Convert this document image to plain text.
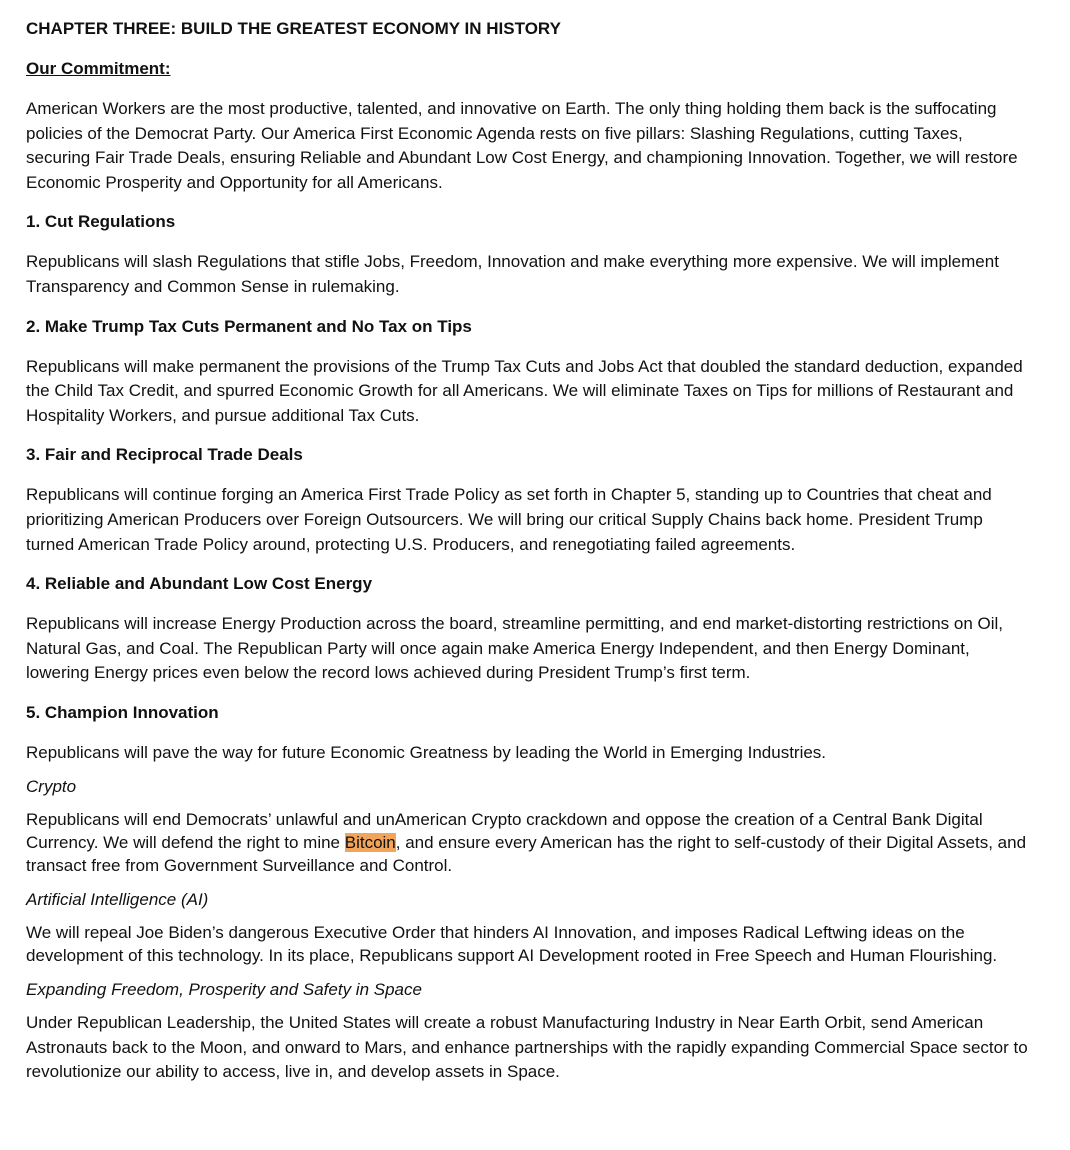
CHAPTER THREE: BUILD THE GREATEST ECONOMY IN HISTORY
Our Commitment:
American Workers are the most productive, talented, and innovative on Earth. The only thing holding them back is the suffocating policies of the Democrat Party. Our America First Economic Agenda rests on five pillars: Slashing Regulations, cutting Taxes, securing Fair Trade Deals, ensuring Reliable and Abundant Low Cost Energy, and championing Innovation. Together, we will restore Economic Prosperity and Opportunity for all Americans.
1. Cut Regulations
Republicans will slash Regulations that stifle Jobs, Freedom, Innovation and make everything more expensive. We will implement Transparency and Common Sense in rulemaking.
2. Make Trump Tax Cuts Permanent and No Tax on Tips
Republicans will make permanent the provisions of the Trump Tax Cuts and Jobs Act that doubled the standard deduction, expanded the Child Tax Credit, and spurred Economic Growth for all Americans. We will eliminate Taxes on Tips for millions of Restaurant and Hospitality Workers, and pursue additional Tax Cuts.
3. Fair and Reciprocal Trade Deals
Republicans will continue forging an America First Trade Policy as set forth in Chapter 5, standing up to Countries that cheat and prioritizing American Producers over Foreign Outsourcers. We will bring our critical Supply Chains back home. President Trump turned American Trade Policy around, protecting U.S. Producers, and renegotiating failed agreements.
4. Reliable and Abundant Low Cost Energy
Republicans will increase Energy Production across the board, streamline permitting, and end market-distorting restrictions on Oil, Natural Gas, and Coal. The Republican Party will once again make America Energy Independent, and then Energy Dominant, lowering Energy prices even below the record lows achieved during President Trump’s first term.
5. Champion Innovation
Republicans will pave the way for future Economic Greatness by leading the World in Emerging Industries.
Crypto
Republicans will end Democrats’ unlawful and unAmerican Crypto crackdown and oppose the creation of a Central Bank Digital Currency. We will defend the right to mine Bitcoin, and ensure every American has the right to self-custody of their Digital Assets, and transact free from Government Surveillance and Control.
Artificial Intelligence (AI)
We will repeal Joe Biden’s dangerous Executive Order that hinders AI Innovation, and imposes Radical Leftwing ideas on the development of this technology. In its place, Republicans support AI Development rooted in Free Speech and Human Flourishing.
Expanding Freedom, Prosperity and Safety in Space
Under Republican Leadership, the United States will create a robust Manufacturing Industry in Near Earth Orbit, send American Astronauts back to the Moon, and onward to Mars, and enhance partnerships with the rapidly expanding Commercial Space sector to revolutionize our ability to access, live in, and develop assets in Space.
